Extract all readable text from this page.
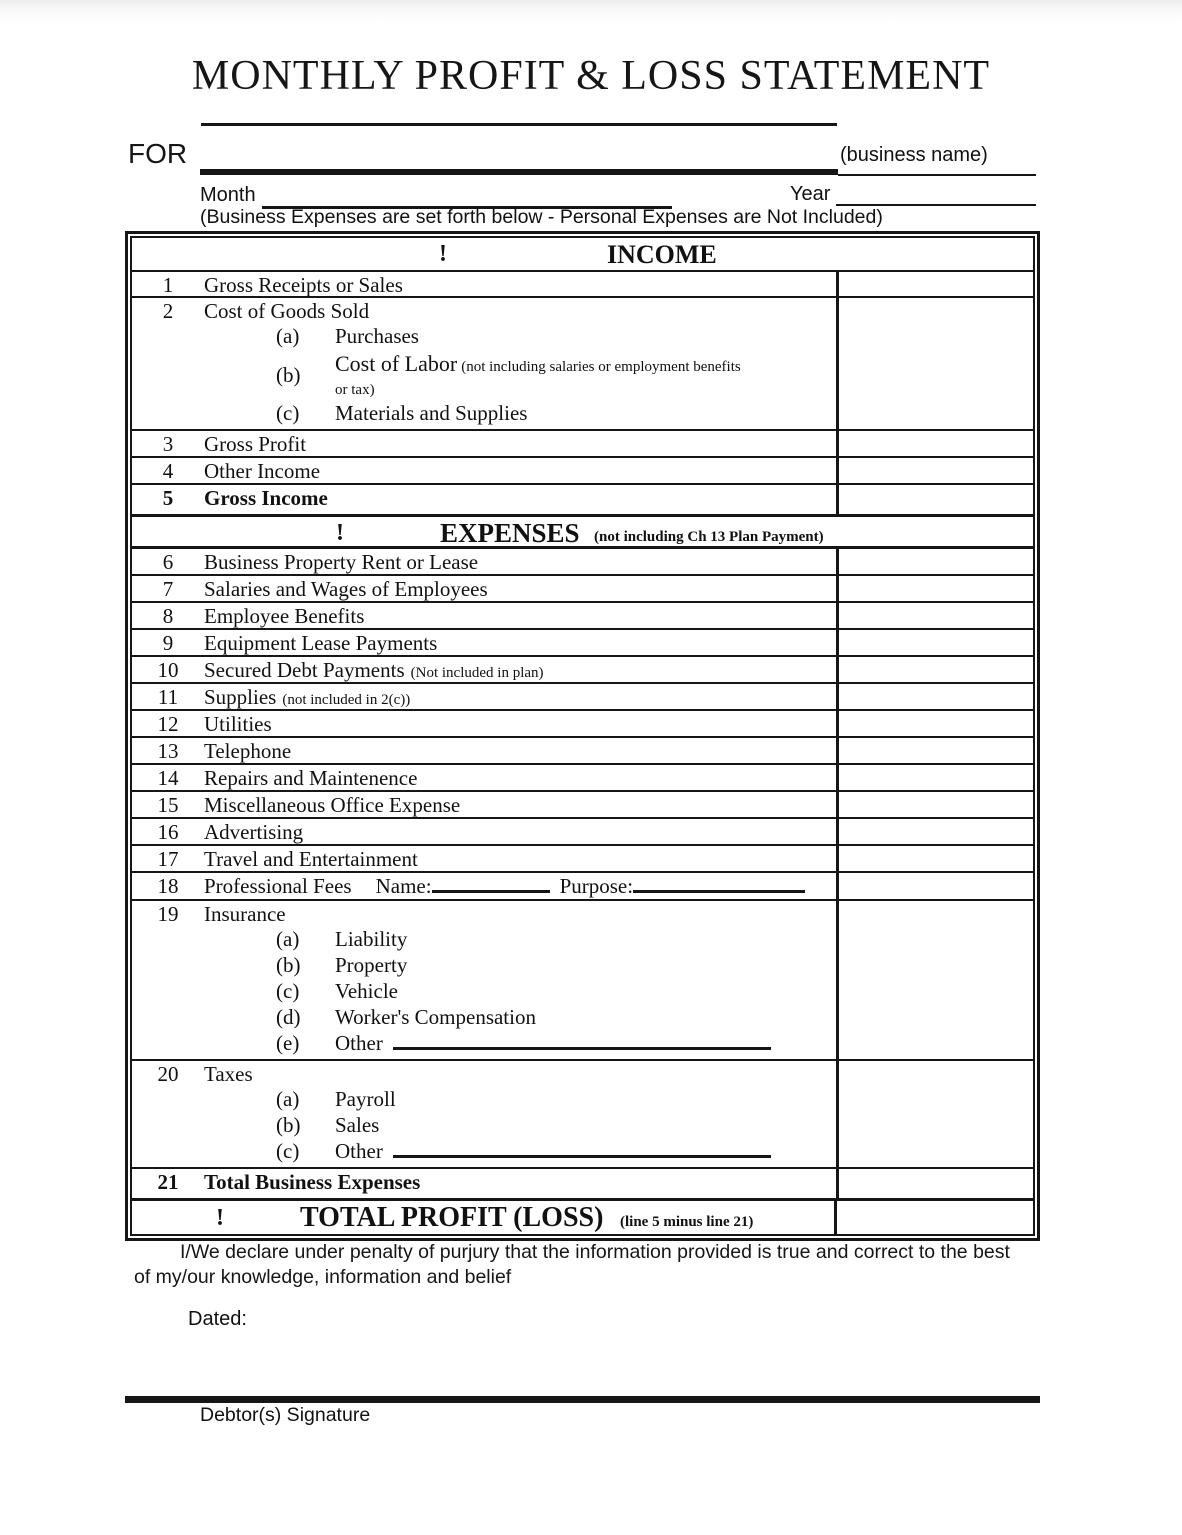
MONTHLY PROFIT & LOSS STATEMENT
FOR	(business name)
Month	Year
(Business Expenses are set forth below - Personal Expenses are Not Included)
!	INCOME
1	Gross Receipts or Sales
2	Cost of Goods Sold
(a)	Purchases
(b)	Cost of Labor (not including salaries or employment benefits or tax)
(c)	Materials and Supplies
3	Gross Profit
4	Other Income
5	Gross Income
!	EXPENSES (not including Ch 13 Plan Payment)
6	Business Property Rent or Lease
7	Salaries and Wages of Employees
8	Employee Benefits
9	Equipment Lease Payments
10	Secured Debt Payments (Not included in plan)
11	Supplies (not included in 2(c))
12	Utilities
13	Telephone
14	Repairs and Maintenence
15	Miscellaneous Office Expense
16	Advertising
17	Travel and Entertainment
18	Professional Fees Name:	Purpose:
19	Insurance
(a)	Liability
(b)	Property
(c)	Vehicle
(d)	Worker's Compensation
(e)	Other
20	Taxes
(a)	Payroll
(b)	Sales
(c)	Other
21	Total Business Expenses
!	TOTAL PROFIT (LOSS) (line 5 minus line 21)
I/We declare under penalty of purjury that the information provided is true and correct to the best
of my/our knowledge, information and belief
Dated:
Debtor(s) Signature
